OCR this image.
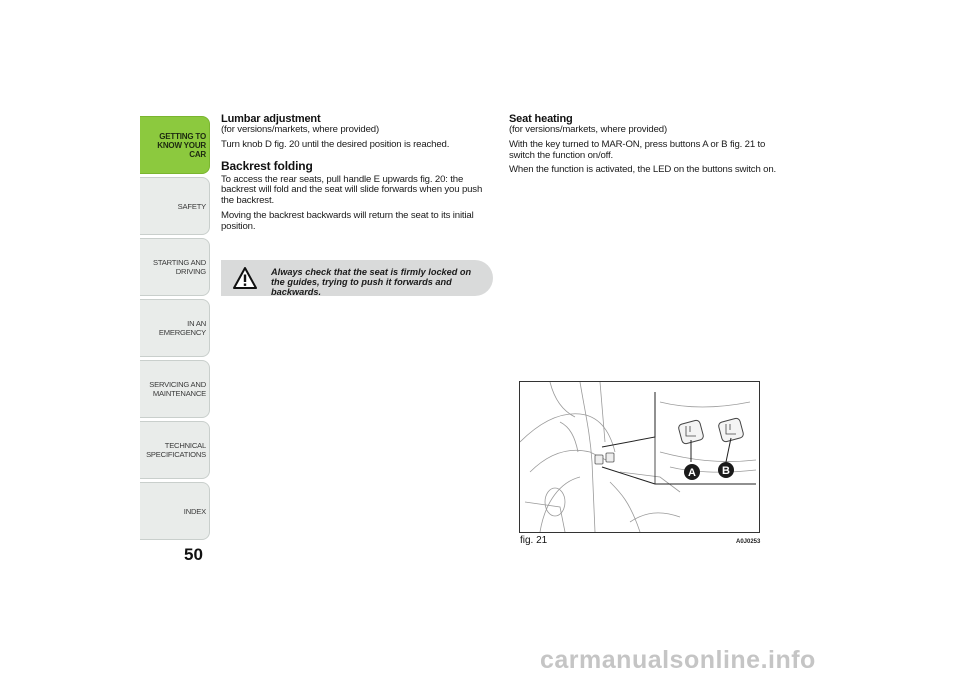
GETTING TO
KNOW YOUR CAR
SAFETY
STARTING AND
DRIVING
IN AN EMERGENCY
SERVICING AND
MAINTENANCE
TECHNICAL
SPECIFICATIONS
INDEX
50
Lumbar adjustment

(for versions/markets, where provided)

Turn knob D fig. 20 until the desired position is reached.

Backrest folding

To access the rear seats, pull handle E upwards fig. 20: the backrest will fold and the seat will slide forwards when you push the backrest.

Moving the backrest backwards will return the seat to its initial position.

Always check that the seat is firmly locked on the guides, trying to push it forwards and backwards.
Seat heating

(for versions/markets, where provided)

With the key turned to MAR-ON, press buttons A or B fig. 21 to switch the function on/off.

When the function is activated, the LED on the buttons switch on.

A B
fig. 21	A0J0253
carmanualsonline.info
